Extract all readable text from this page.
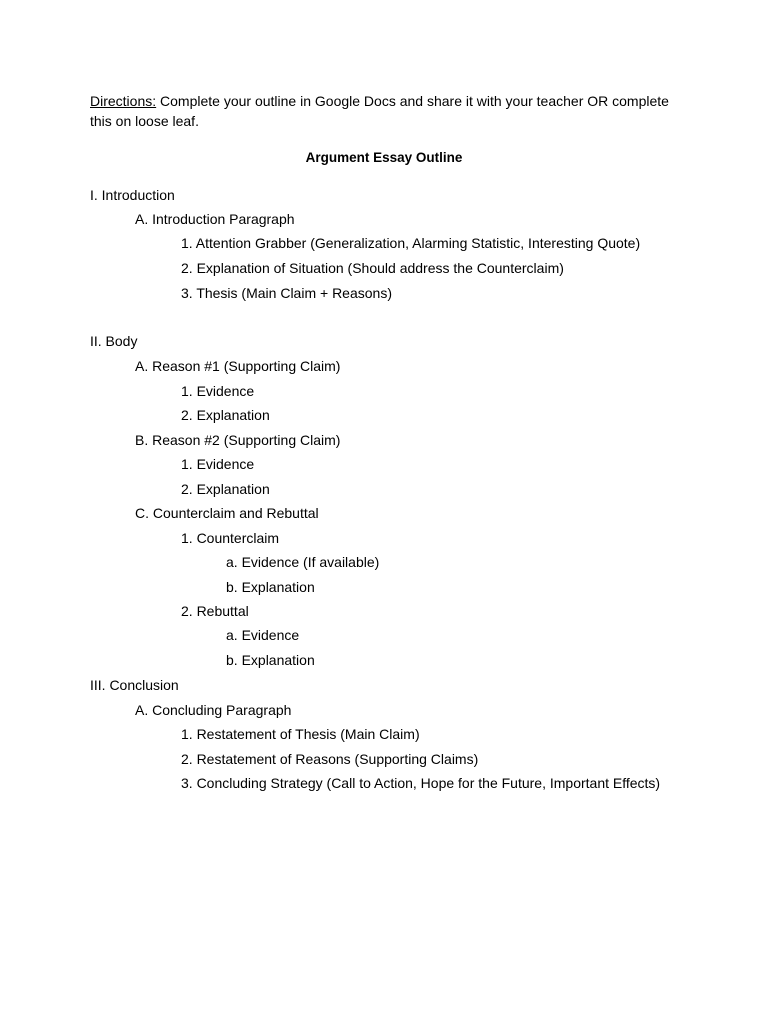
Directions: Complete your outline in Google Docs and share it with your teacher OR complete this on loose leaf.
Argument Essay Outline
I. Introduction
A. Introduction Paragraph
1. Attention Grabber (Generalization, Alarming Statistic, Interesting Quote)
2. Explanation of Situation (Should address the Counterclaim)
3. Thesis (Main Claim + Reasons)
II. Body
A. Reason #1 (Supporting Claim)
1. Evidence
2. Explanation
B. Reason #2 (Supporting Claim)
1. Evidence
2. Explanation
C. Counterclaim and Rebuttal
1. Counterclaim
a. Evidence (If available)
b. Explanation
2. Rebuttal
a. Evidence
b. Explanation
III. Conclusion
A. Concluding Paragraph
1. Restatement of Thesis (Main Claim)
2. Restatement of Reasons (Supporting Claims)
3. Concluding Strategy (Call to Action, Hope for the Future, Important Effects)
